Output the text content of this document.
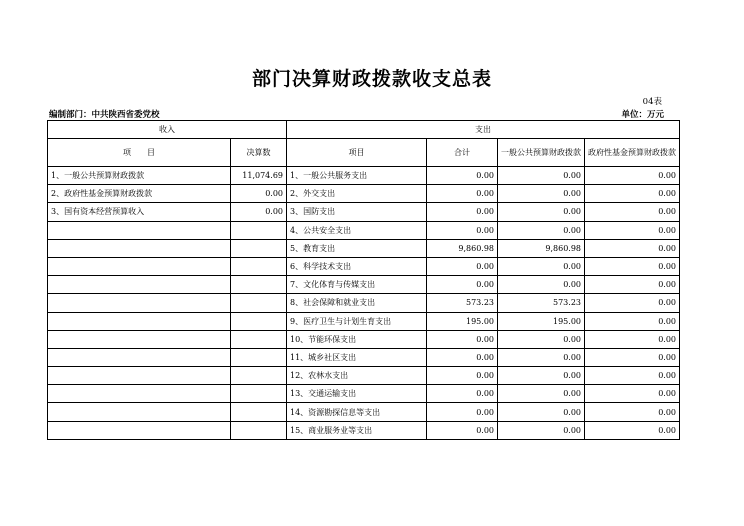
部门决算财政拨款收支总表
04表
编制部门：中共陕西省委党校	单位：万元
收入		支出			
项　　目	决算数	项目	合计	一般公共预算财政拨款	政府性基金预算财政拨款
1、一般公共预算财政拨款	11,074.69	1、一般公共服务支出	0.00	0.00	0.00
2、政府性基金预算财政拨款	0.00	2、外交支出	0.00	0.00	0.00
3、国有资本经营预算收入	0.00	3、国防支出	0.00	0.00	0.00
		4、公共安全支出	0.00	0.00	0.00
		5、教育支出	9,860.98	9,860.98	0.00
		6、科学技术支出	0.00	0.00	0.00
		7、文化体育与传媒支出	0.00	0.00	0.00
		8、社会保障和就业支出	573.23	573.23	0.00
		9、医疗卫生与计划生育支出	195.00	195.00	0.00
		10、节能环保支出	0.00	0.00	0.00
		11、城乡社区支出	0.00	0.00	0.00
		12、农林水支出	0.00	0.00	0.00
		13、交通运输支出	0.00	0.00	0.00
		14、资源勘探信息等支出	0.00	0.00	0.00
		15、商业服务业等支出	0.00	0.00	0.00
